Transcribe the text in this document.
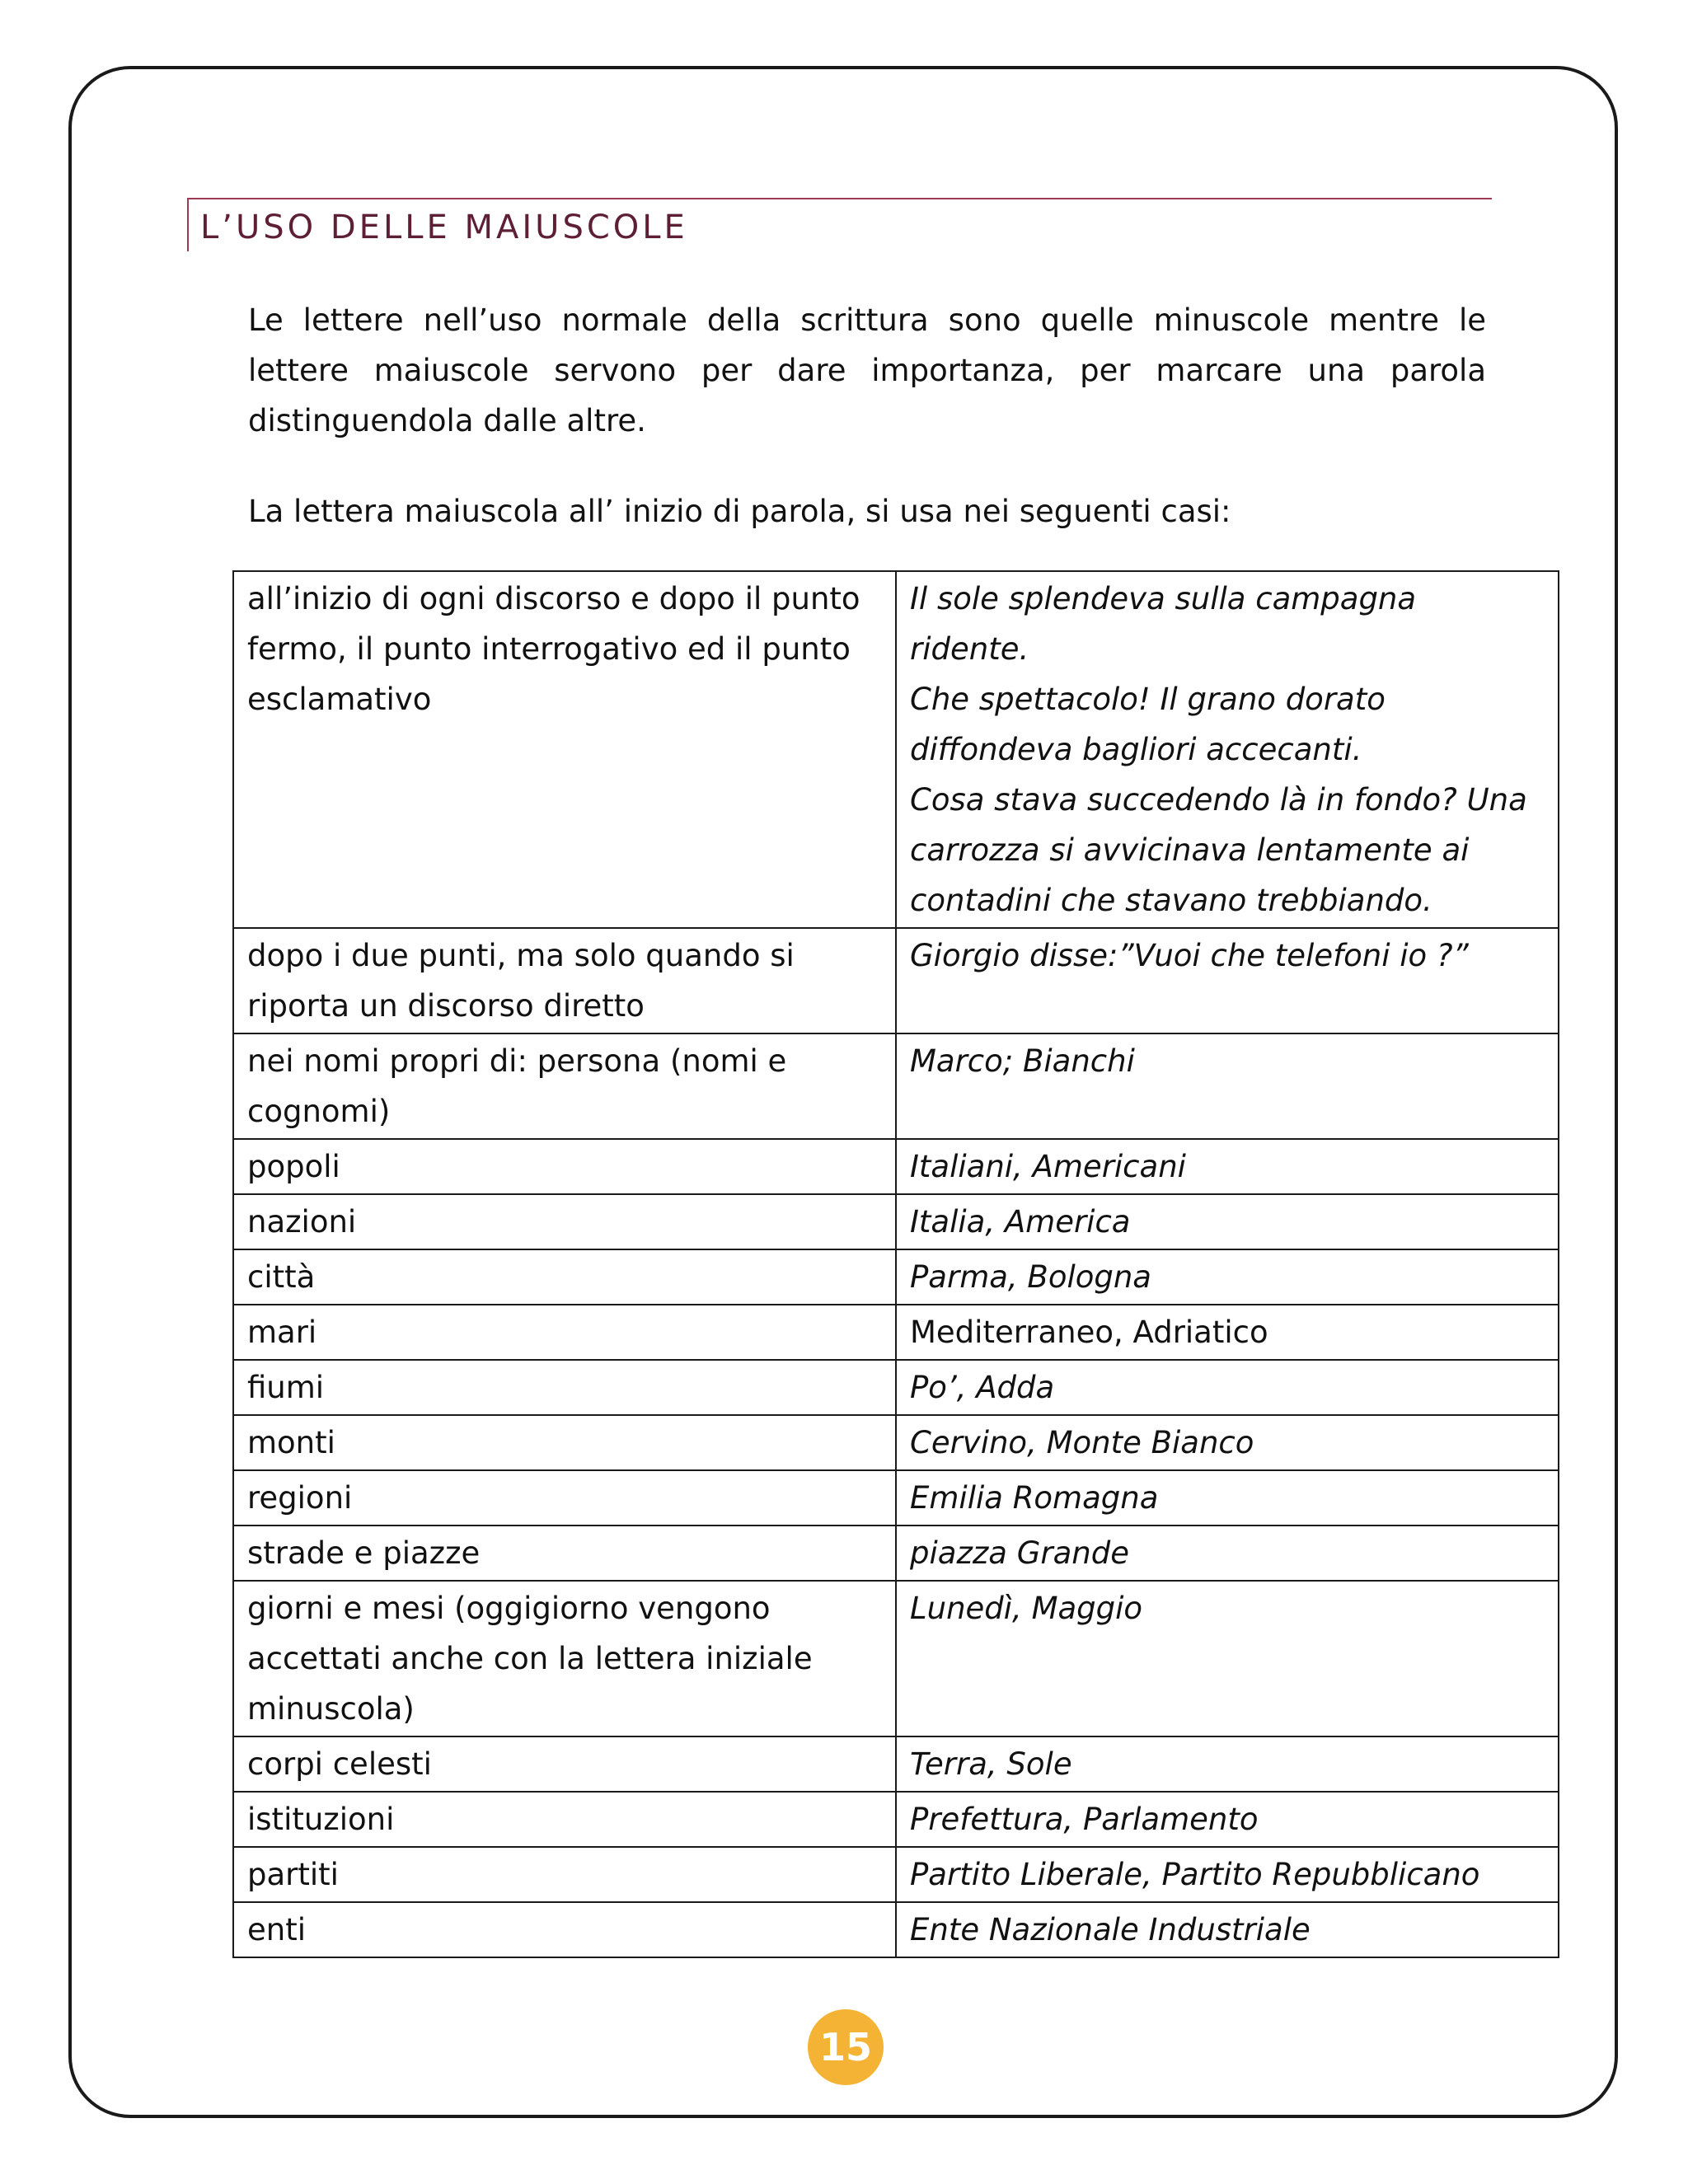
L’USO DELLE MAIUSCOLE

Le lettere nell’uso normale della scrittura sono quelle minuscole mentre le lettere maiuscole servono per dare importanza, per marcare una parola distinguendola dalle altre.

La lettera maiuscola all’ inizio di parola, si usa nei seguenti casi:

all’inizio di ogni discorso e dopo il punto fermo, il punto interrogativo ed il punto esclamativo	Il sole splendeva sulla campagna ridente.
Che spettacolo! Il grano dorato diffondeva bagliori accecanti.
Cosa stava succedendo là in fondo? Una carrozza si avvicinava lentamente ai contadini che stavano trebbiando.
dopo i due punti, ma solo quando si riporta un discorso diretto	Giorgio disse:”Vuoi che telefoni io ?”
nei nomi propri di: persona (nomi e cognomi)	Marco; Bianchi
popoli	Italiani, Americani
nazioni	Italia, America
città	Parma, Bologna
mari	Mediterraneo, Adriatico
fiumi	Po’, Adda
monti	Cervino, Monte Bianco
regioni	Emilia Romagna
strade e piazze	piazza Grande
giorni e mesi (oggigiorno vengono accettati anche con la lettera iniziale minuscola)	Lunedì, Maggio
corpi celesti	Terra, Sole
istituzioni	Prefettura, Parlamento
partiti	Partito Liberale, Partito Repubblicano
enti	Ente Nazionale Industriale
15
